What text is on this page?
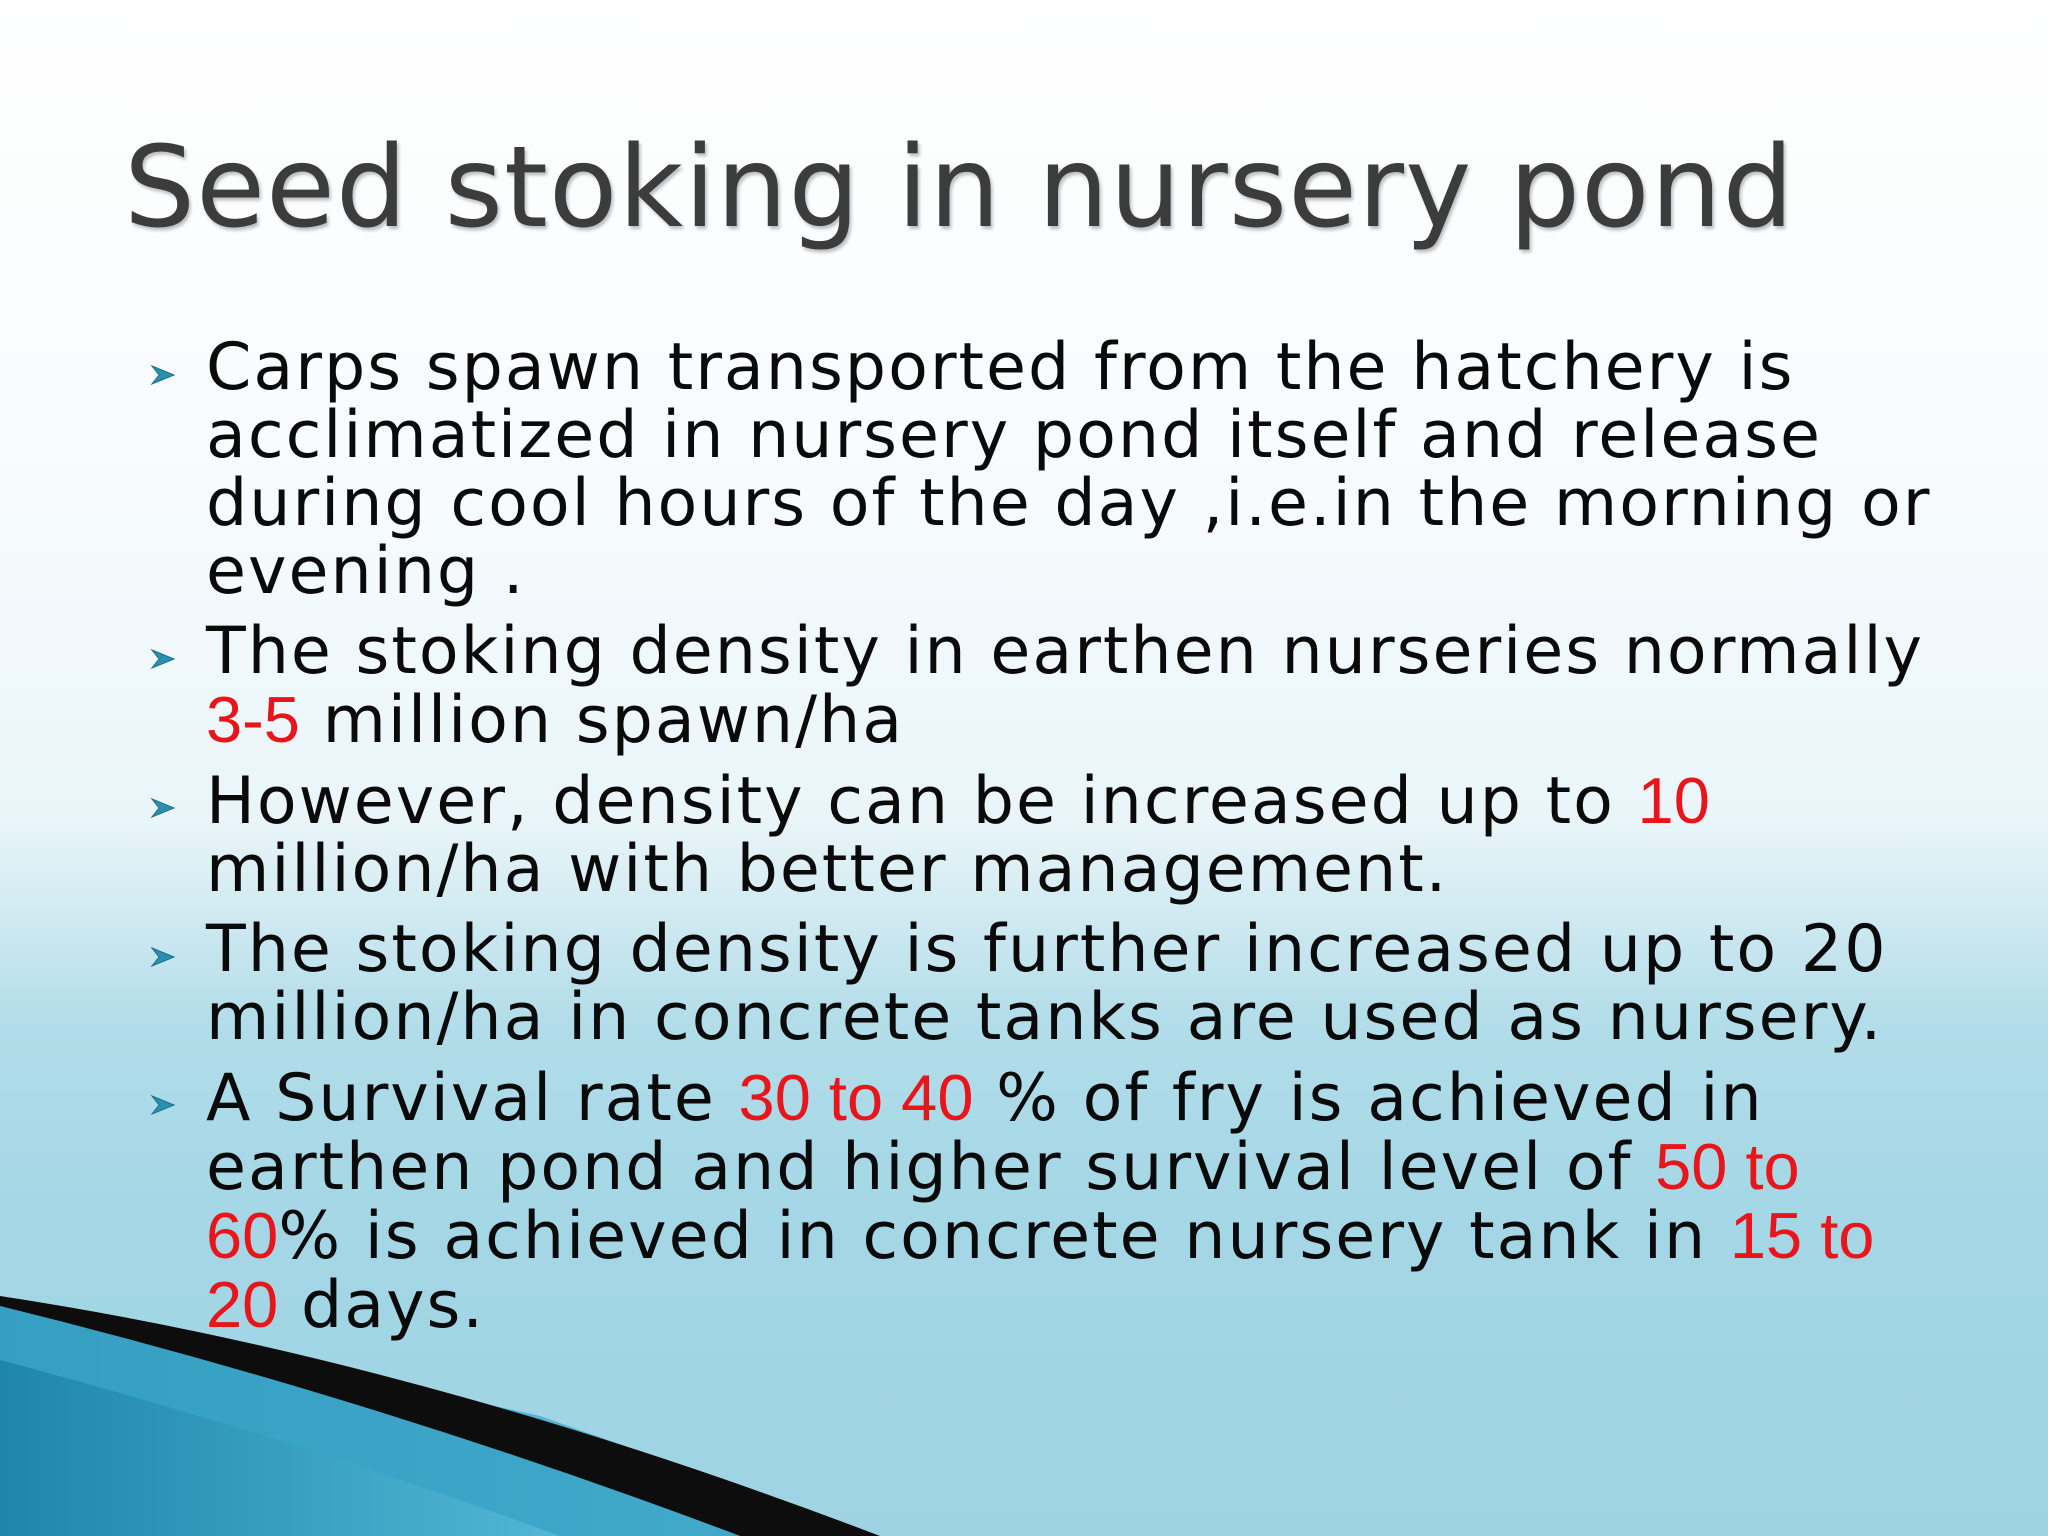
Seed stoking in nursery pond
Carps spawn transported from the hatchery is acclimatized in nursery pond itself and release during cool hours of the day ,i.e.in the morning or evening .
The stoking density in earthen nurseries normally 3-5 million spawn/ha
However, density can be increased up to 10 million/ha with better management.
The stoking density is further increased up to 20 million/ha in concrete tanks are used as nursery.
A Survival rate 30 to 40 % of fry is achieved in earthen pond and higher survival level of 50 to 60% is achieved in concrete nursery tank in 15 to 20 days.
